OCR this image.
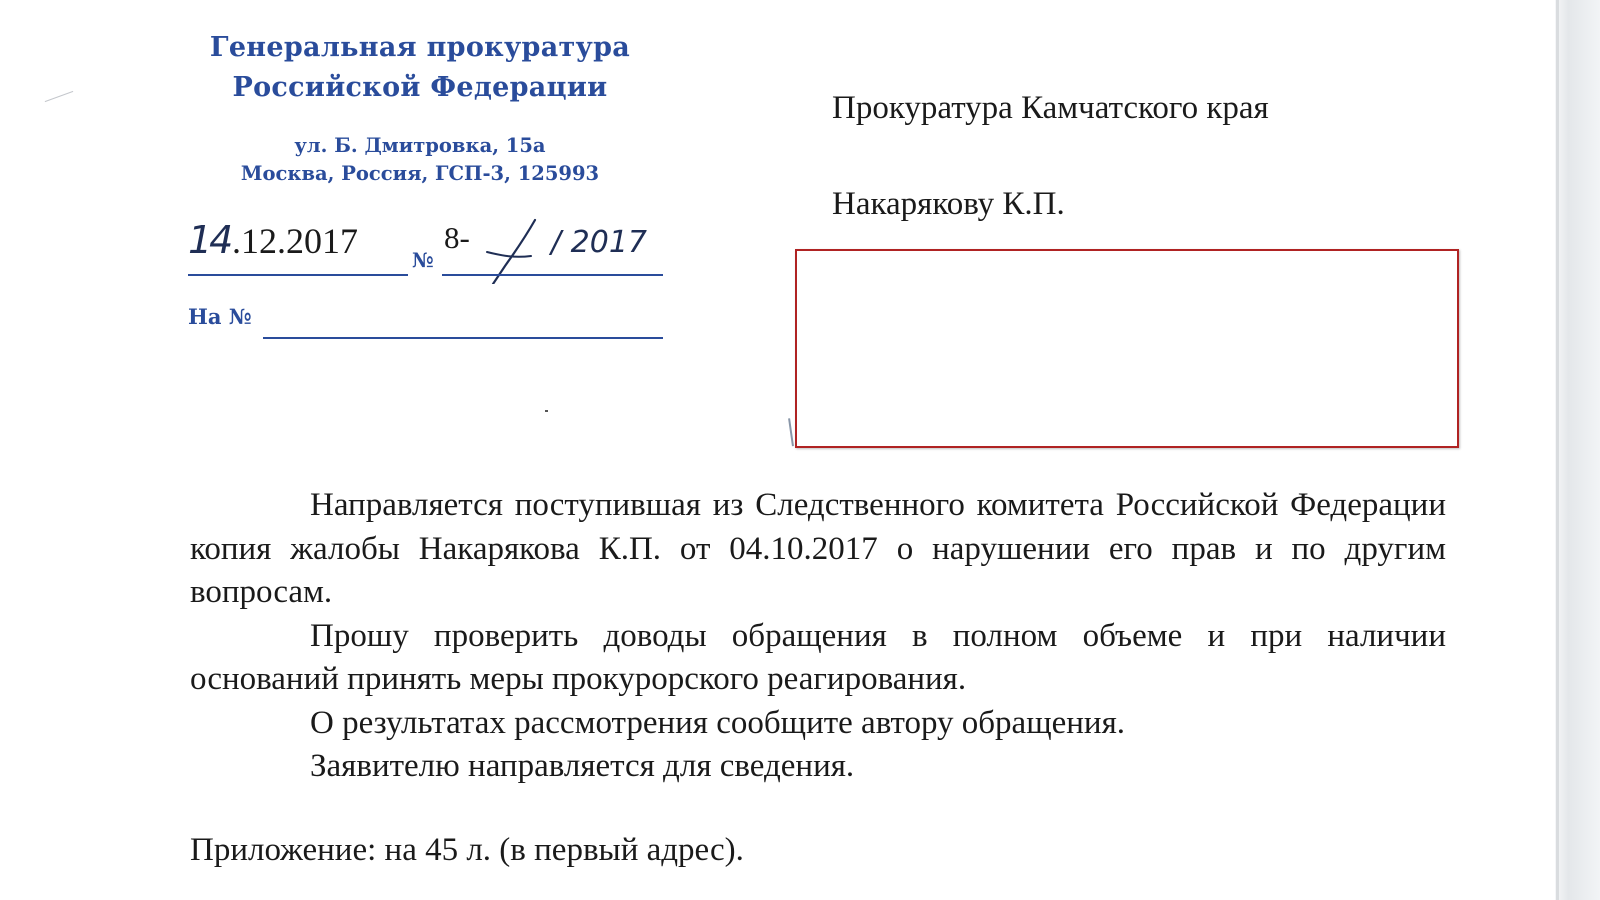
Генеральная прокуратура
Российской Федерации
ул. Б. Дмитровка, 15а
Москва, Россия, ГСП-3, 125993
14 .12.2017	№
8-	/ 2017
На №
Прокуратура Камчатского края
Накарякову К.П.

Направляется поступившая из Следственного комитета Российской Федерации копия жалобы Накарякова К.П. от 04.10.2017 о нарушении его прав и по другим вопросам.

Прошу проверить доводы обращения в полном объеме и при наличии оснований принять меры прокурорского реагирования.

О результатах рассмотрения сообщите автору обращения.

Заявителю направляется для сведения.

Приложение: на 45 л. (в первый адрес).
